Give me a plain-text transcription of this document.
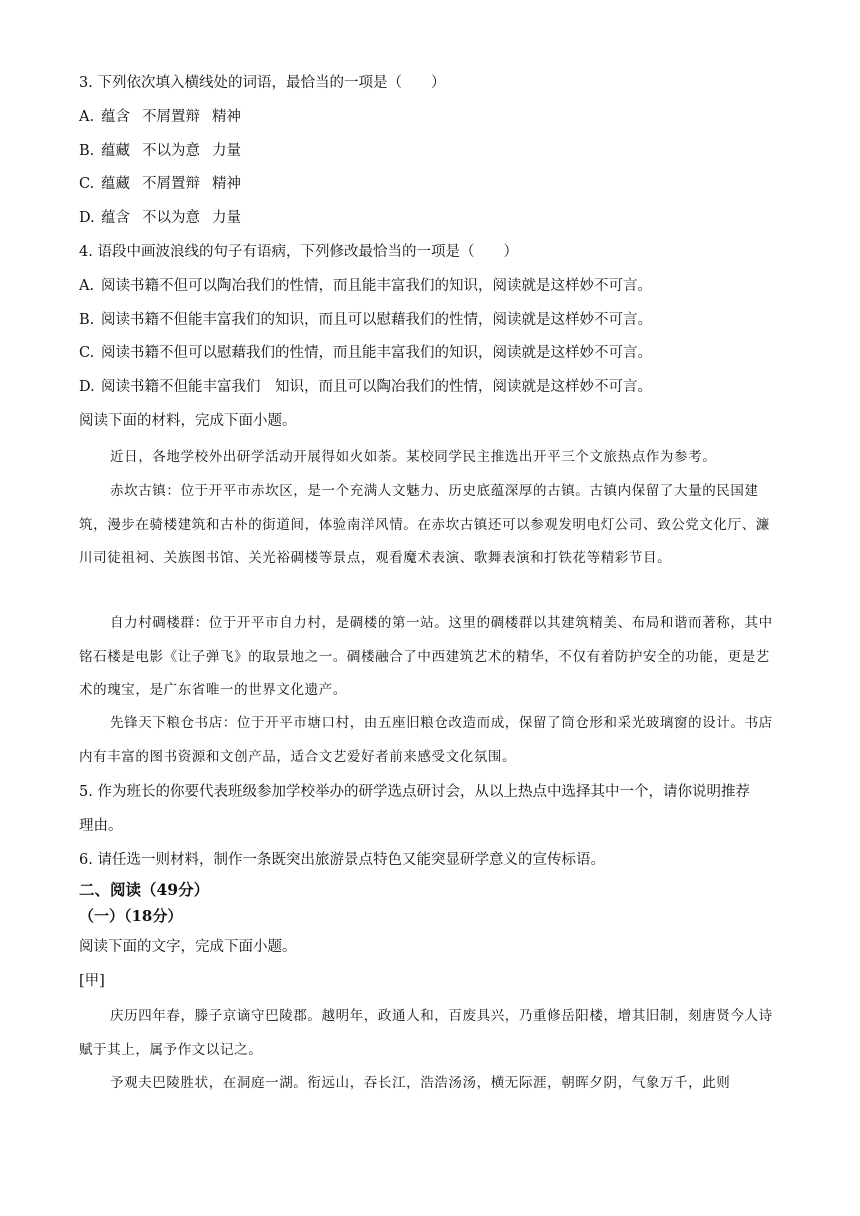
3. 下列依次填入横线处的词语，最恰当的一项是（　　）
A. 蕴含 不屑置辩 精神
B. 蕴藏 不以为意 力量
C. 蕴藏 不屑置辩 精神
D. 蕴含 不以为意 力量
4. 语段中画波浪线的句子有语病，下列修改最恰当的一项是（　　）
A. 阅读书籍不但可以陶冶我们的性情，而且能丰富我们的知识，阅读就是这样妙不可言。
B. 阅读书籍不但能丰富我们的知识，而且可以慰藉我们的性情，阅读就是这样妙不可言。
C. 阅读书籍不但可以慰藉我们的性情，而且能丰富我们的知识，阅读就是这样妙不可言。
D. 阅读书籍不但能丰富我们　知识，而且可以陶冶我们的性情，阅读就是这样妙不可言。
阅读下面的材料，完成下面小题。
近日，各地学校外出研学活动开展得如火如荼。某校同学民主推选出开平三个文旅热点作为参考。
赤坎古镇：位于开平市赤坎区，是一个充满人文魅力、历史底蕴深厚的古镇。古镇内保留了大量的民国建筑，漫步在骑楼建筑和古朴的街道间，体验南洋风情。在赤坎古镇还可以参观发明电灯公司、致公党文化厅、濂川司徒祖祠、关族图书馆、关光裕碉楼等景点，观看魔术表演、歌舞表演和打铁花等精彩节目。
自力村碉楼群：位于开平市自力村，是碉楼的第一站。这里的碉楼群以其建筑精美、布局和谐而著称，其中铭石楼是电影《让子弹飞》的取景地之一。碉楼融合了中西建筑艺术的精华，不仅有着防护安全的功能，更是艺术的瑰宝，是广东省唯一的世界文化遗产。
先锋天下粮仓书店：位于开平市塘口村，由五座旧粮仓改造而成，保留了筒仓形和采光玻璃窗的设计。书店内有丰富的图书资源和文创产品，适合文艺爱好者前来感受文化氛围。
5. 作为班长的你要代表班级参加学校举办的研学选点研讨会，从以上热点中选择其中一个，请你说明推荐
理由。
6. 请任选一则材料，制作一条既突出旅游景点特色又能突显研学意义的宣传标语。
二、阅读（49分）
（一）（18分）
阅读下面的文字，完成下面小题。
[甲]
庆历四年春，滕子京谪守巴陵郡。越明年，政通人和，百废具兴，乃重修岳阳楼，增其旧制，刻唐贤今人诗赋于其上，属予作文以记之。
予观夫巴陵胜状，在洞庭一湖。衔远山，吞长江，浩浩汤汤，横无际涯，朝晖夕阴，气象万千，此则
